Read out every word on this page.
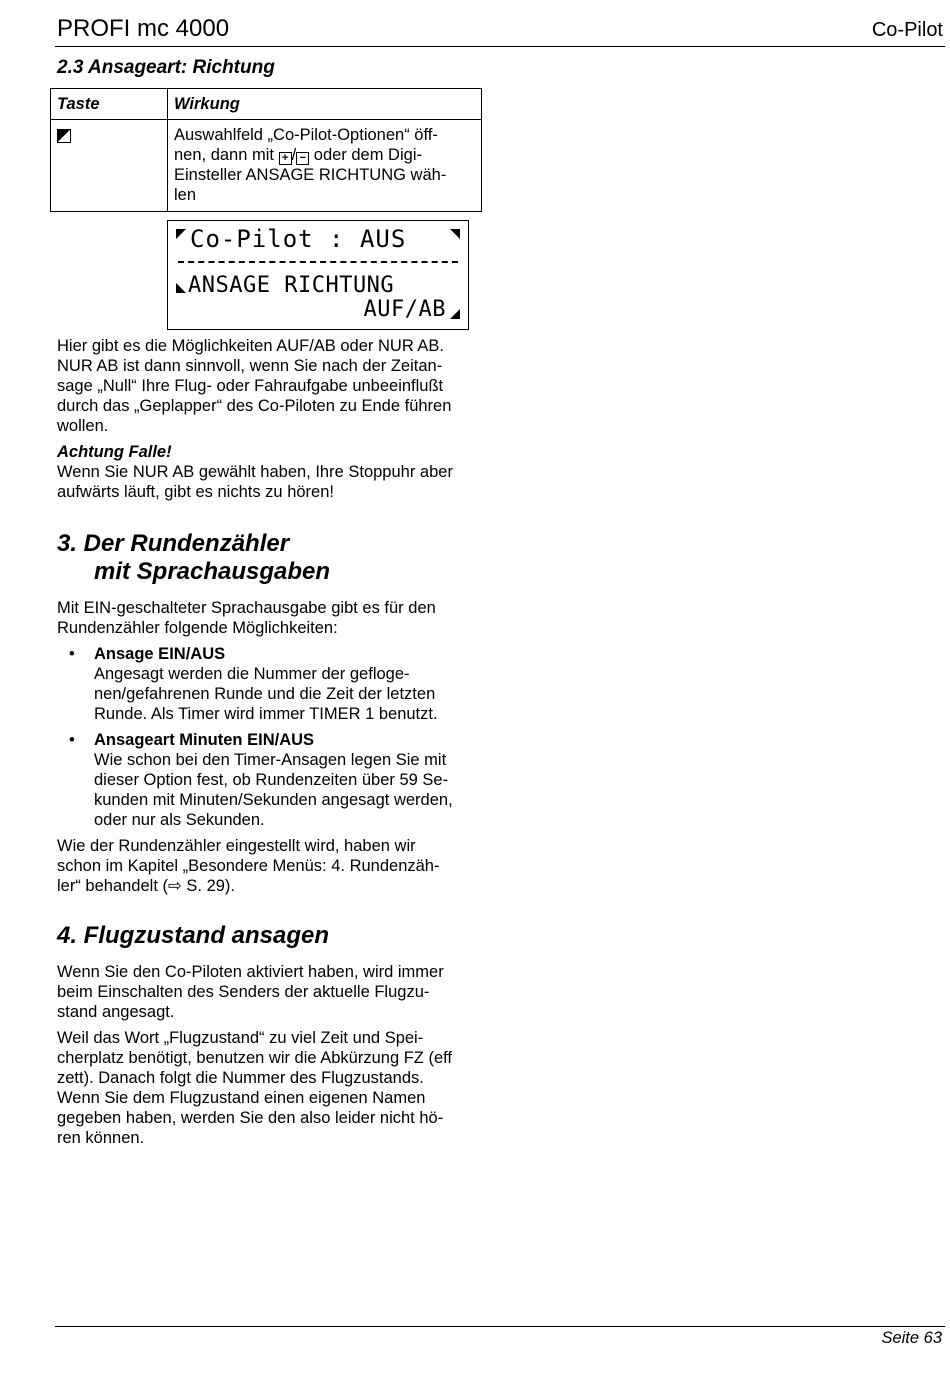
PROFI mc 4000	Co-Pilot
2.3 Ansageart: Richtung
Taste	Wirkung
	Auswahlfeld „Co-Pilot-Optionen“ öff-
nen, dann mit + / − oder dem Digi-
Einsteller ANSAGE RICHTUNG wäh-
len
Co-Pilot : AUS
ANSAGE RICHTUNG
AUF/AB

Hier gibt es die Möglichkeiten AUF/AB oder NUR AB.
NUR AB ist dann sinnvoll, wenn Sie nach der Zeitan-
sage „Null“ Ihre Flug- oder Fahraufgabe unbeeinflußt
durch das „Geplapper“ des Co-Piloten zu Ende führen
wollen.

Achtung Falle!

Wenn Sie NUR AB gewählt haben, Ihre Stoppuhr aber
aufwärts läuft, gibt es nichts zu hören!

3. Der Rundenzähler
mit Sprachausgaben

Mit EIN-geschalteter Sprachausgabe gibt es für den
Rundenzähler folgende Möglichkeiten:

• Ansage EIN/AUS
Angesagt werden die Nummer der gefloge-
nen/gefahrenen Runde und die Zeit der letzten
Runde. Als Timer wird immer TIMER 1 benutzt.
• Ansageart Minuten EIN/AUS
Wie schon bei den Timer-Ansagen legen Sie mit
dieser Option fest, ob Rundenzeiten über 59 Se-
kunden mit Minuten/Sekunden angesagt werden,
oder nur als Sekunden.

Wie der Rundenzähler eingestellt wird, haben wir
schon im Kapitel „Besondere Menüs: 4. Rundenzäh-
ler“ behandelt (⇨ S. 29).

4. Flugzustand ansagen

Wenn Sie den Co-Piloten aktiviert haben, wird immer
beim Einschalten des Senders der aktuelle Flugzu-
stand angesagt.

Weil das Wort „Flugzustand“ zu viel Zeit und Spei-
cherplatz benötigt, benutzen wir die Abkürzung FZ (eff
zett). Danach folgt die Nummer des Flugzustands.
Wenn Sie dem Flugzustand einen eigenen Namen
gegeben haben, werden Sie den also leider nicht hö-
ren können.

Seite 63
